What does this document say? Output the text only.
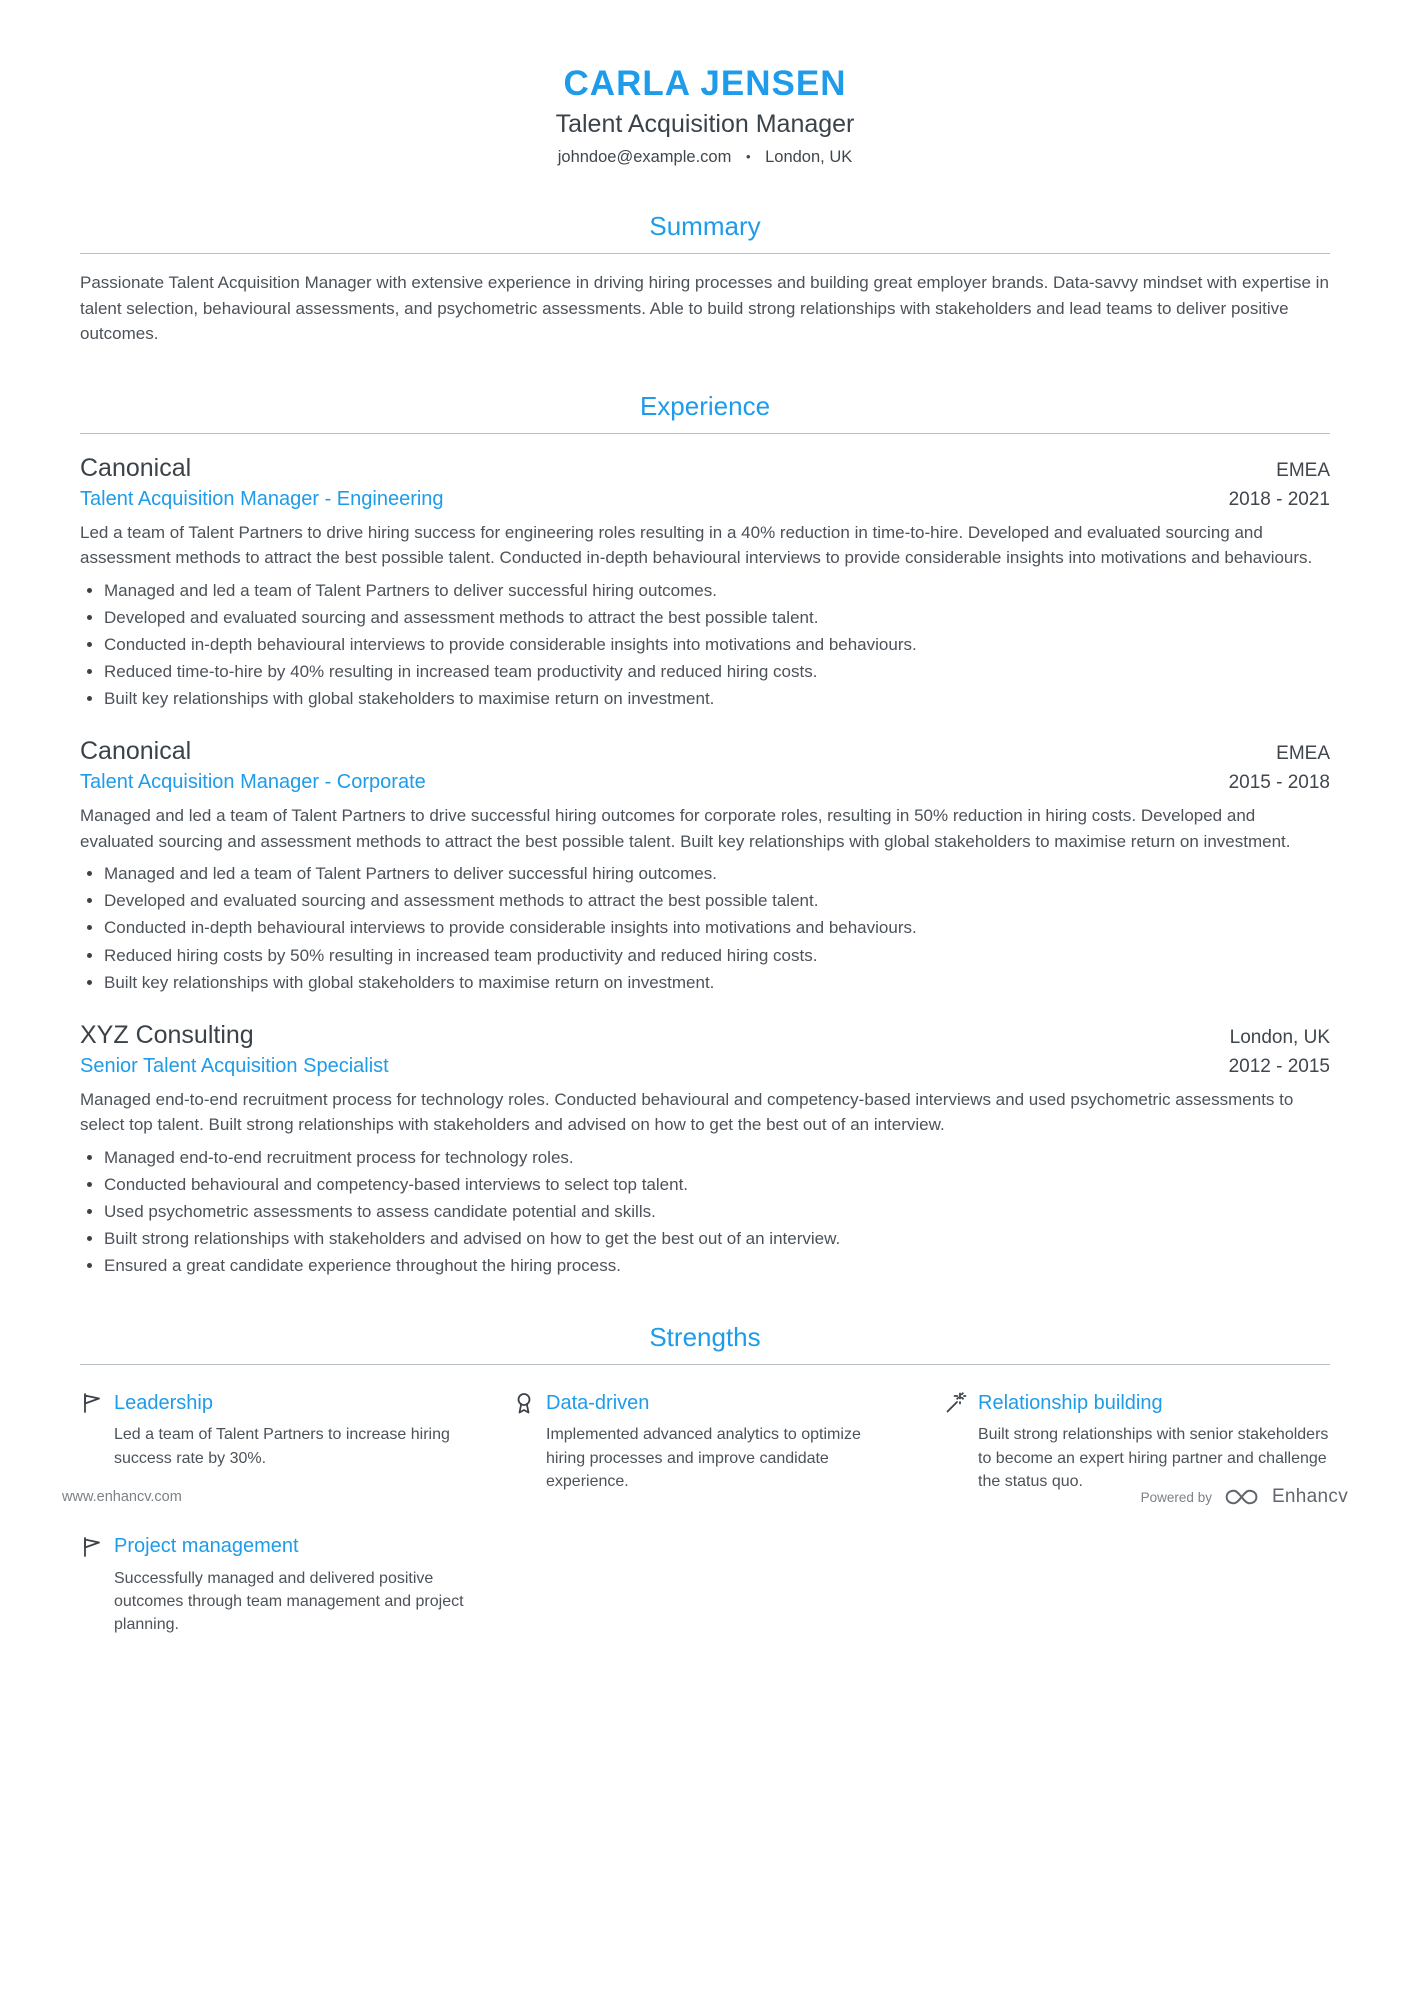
CARLA JENSEN
Talent Acquisition Manager
johndoe@example.com • London, UK
Summary

Passionate Talent Acquisition Manager with extensive experience in driving hiring processes and building great employer brands. Data-savvy mindset with expertise in talent selection, behavioural assessments, and psychometric assessments. Able to build strong relationships with stakeholders and lead teams to deliver positive outcomes.

Experience
Canonical	EMEA
Talent Acquisition Manager - Engineering	2018 - 2021

Led a team of Talent Partners to drive hiring success for engineering roles resulting in a 40% reduction in time-to-hire. Developed and evaluated sourcing and assessment methods to attract the best possible talent. Conducted in-depth behavioural interviews to provide considerable insights into motivations and behaviours.

Managed and led a team of Talent Partners to deliver successful hiring outcomes.
Developed and evaluated sourcing and assessment methods to attract the best possible talent.
Conducted in-depth behavioural interviews to provide considerable insights into motivations and behaviours.
Reduced time-to-hire by 40% resulting in increased team productivity and reduced hiring costs.
Built key relationships with global stakeholders to maximise return on investment.
Canonical	EMEA
Talent Acquisition Manager - Corporate	2015 - 2018

Managed and led a team of Talent Partners to drive successful hiring outcomes for corporate roles, resulting in 50% reduction in hiring costs. Developed and evaluated sourcing and assessment methods to attract the best possible talent. Built key relationships with global stakeholders to maximise return on investment.

Managed and led a team of Talent Partners to deliver successful hiring outcomes.
Developed and evaluated sourcing and assessment methods to attract the best possible talent.
Conducted in-depth behavioural interviews to provide considerable insights into motivations and behaviours.
Reduced hiring costs by 50% resulting in increased team productivity and reduced hiring costs.
Built key relationships with global stakeholders to maximise return on investment.
XYZ Consulting	London, UK
Senior Talent Acquisition Specialist	2012 - 2015

Managed end-to-end recruitment process for technology roles. Conducted behavioural and competency-based interviews and used psychometric assessments to select top talent. Built strong relationships with stakeholders and advised on how to get the best out of an interview.

Managed end-to-end recruitment process for technology roles.
Conducted behavioural and competency-based interviews to select top talent.
Used psychometric assessments to assess candidate potential and skills.
Built strong relationships with stakeholders and advised on how to get the best out of an interview.
Ensured a great candidate experience throughout the hiring process.
Strengths
Leadership

Led a team of Talent Partners to increase hiring success rate by 30%.

Data-driven

Implemented advanced analytics to optimize hiring processes and improve candidate experience.

Relationship building

Built strong relationships with senior stakeholders to become an expert hiring partner and challenge the status quo.

Project management

Successfully managed and delivered positive outcomes through team management and project planning.

www.enhancv.com	Powered by	Enhancv
